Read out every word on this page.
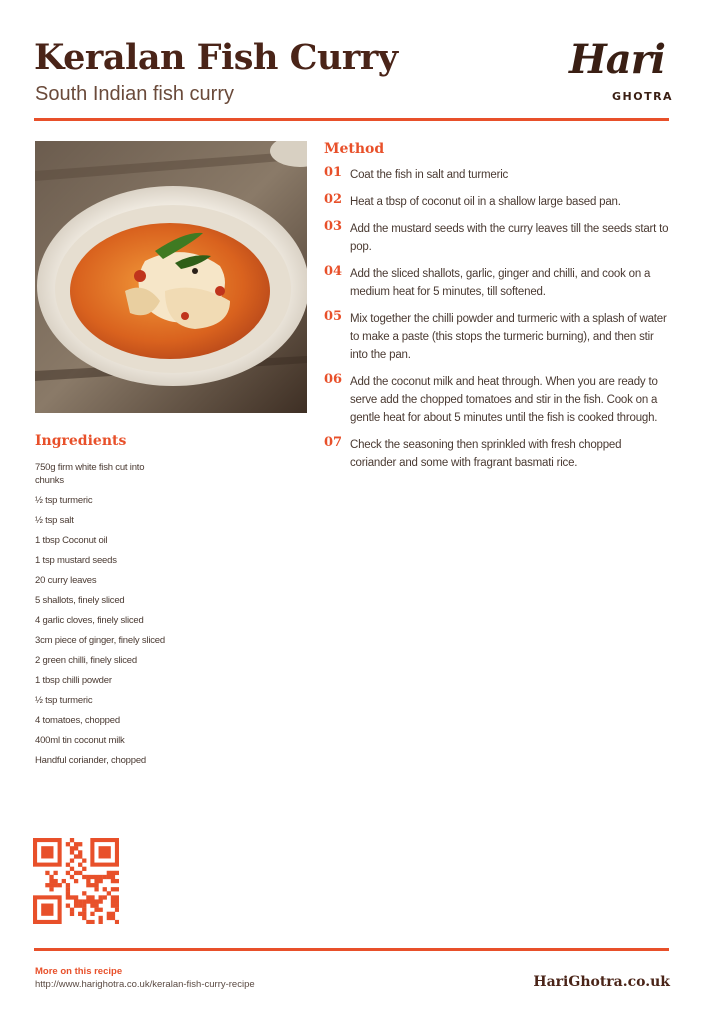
Keralan Fish Curry
South Indian fish curry
Hari
GHOTRA
Ingredients
750g firm white fish cut into chunks
½ tsp turmeric
½ tsp salt
1 tbsp Coconut oil
1 tsp mustard seeds
20 curry leaves
5 shallots, finely sliced
4 garlic cloves, finely sliced
3cm piece of ginger, finely sliced
2 green chilli, finely sliced
1 tbsp chilli powder
½ tsp turmeric
4 tomatoes, chopped
400ml tin coconut milk
Handful coriander, chopped
Method
01 Coat the fish in salt and turmeric

02 Heat a tbsp of coconut oil in a shallow large based pan.

03 Add the mustard seeds with the curry leaves till the seeds start to pop.

04 Add the sliced shallots, garlic, ginger and chilli, and cook on a medium heat for 5 minutes, till softened.

05 Mix together the chilli powder and turmeric with a splash of water to make a paste (this stops the turmeric burning), and then stir into the pan.

06 Add the coconut milk and heat through. When you are ready to serve add the chopped tomatoes and stir in the fish. Cook on a gentle heat for about 5 minutes until the fish is cooked through.

07 Check the seasoning then sprinkled with fresh chopped coriander and some with fragrant basmati rice.

More on this recipe
http://www.harighotra.co.uk/keralan-fish-curry-recipe	HariGhotra.co.uk
